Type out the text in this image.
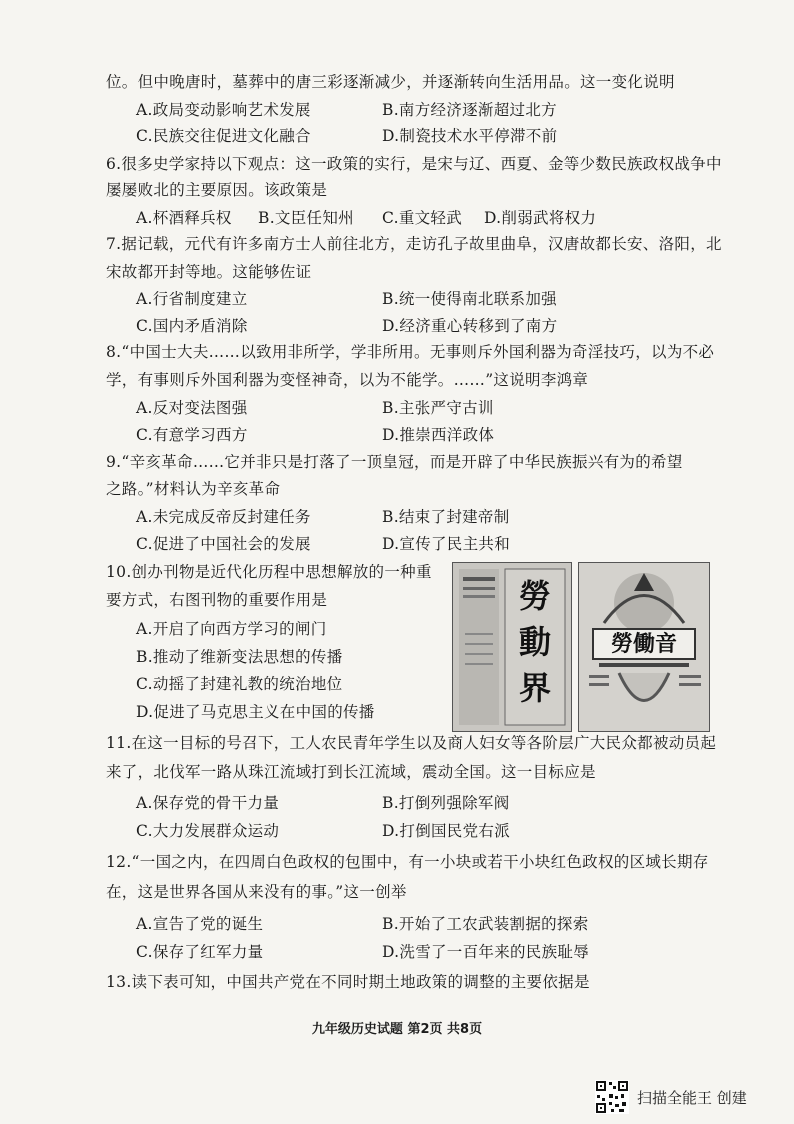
位。但中晚唐时，墓葬中的唐三彩逐渐减少，并逐渐转向生活用品。这一变化说明
A.政局变动影响艺术发展	B.南方经济逐渐超过北方
C.民族交往促进文化融合	D.制瓷技术水平停滞不前
6.很多史学家持以下观点：这一政策的实行，是宋与辽、西夏、金等少数民族政权战争中
屡屡败北的主要原因。该政策是
A.杯酒释兵权 B.文臣任知州 C.重文轻武 D.削弱武将权力
7.据记载，元代有许多南方士人前往北方，走访孔子故里曲阜，汉唐故都长安、洛阳，北
宋故都开封等地。这能够佐证
A.行省制度建立	B.统一使得南北联系加强
C.国内矛盾消除	D.经济重心转移到了南方
8.“中国士大夫……以致用非所学，学非所用。无事则斥外国利器为奇淫技巧，以为不必
学，有事则斥外国利器为变怪神奇，以为不能学。……”这说明李鸿章
A.反对变法图强	B.主张严守古训
C.有意学习西方	D.推崇西洋政体
9.“辛亥革命……它并非只是打落了一顶皇冠，而是开辟了中华民族振兴有为的希望
之路。”材料认为辛亥革命
A.未完成反帝反封建任务	B.结束了封建帝制
C.促进了中国社会的发展	D.宣传了民主共和
10.创办刊物是近代化历程中思想解放的一种重
要方式，右图刊物的重要作用是
A.开启了向西方学习的闸门
B.推动了维新变法思想的传播
C.动摇了封建礼教的统治地位
D.促进了马克思主义在中国的传播
勞動界
勞働音
11.在这一目标的号召下，工人农民青年学生以及商人妇女等各阶层广大民众都被动员起
来了，北伐军一路从珠江流域打到长江流域，震动全国。这一目标应是
A.保存党的骨干力量	B.打倒列强除军阀
C.大力发展群众运动	D.打倒国民党右派
12.“一国之内，在四周白色政权的包围中，有一小块或若干小块红色政权的区域长期存
在，这是世界各国从来没有的事。”这一创举
A.宣告了党的诞生	B.开始了工农武装割据的探索
C.保存了红军力量	D.洗雪了一百年来的民族耻辱
13.读下表可知，中国共产党在不同时期土地政策的调整的主要依据是
九年级历史试题 第2页 共8页
扫描全能王 创建
